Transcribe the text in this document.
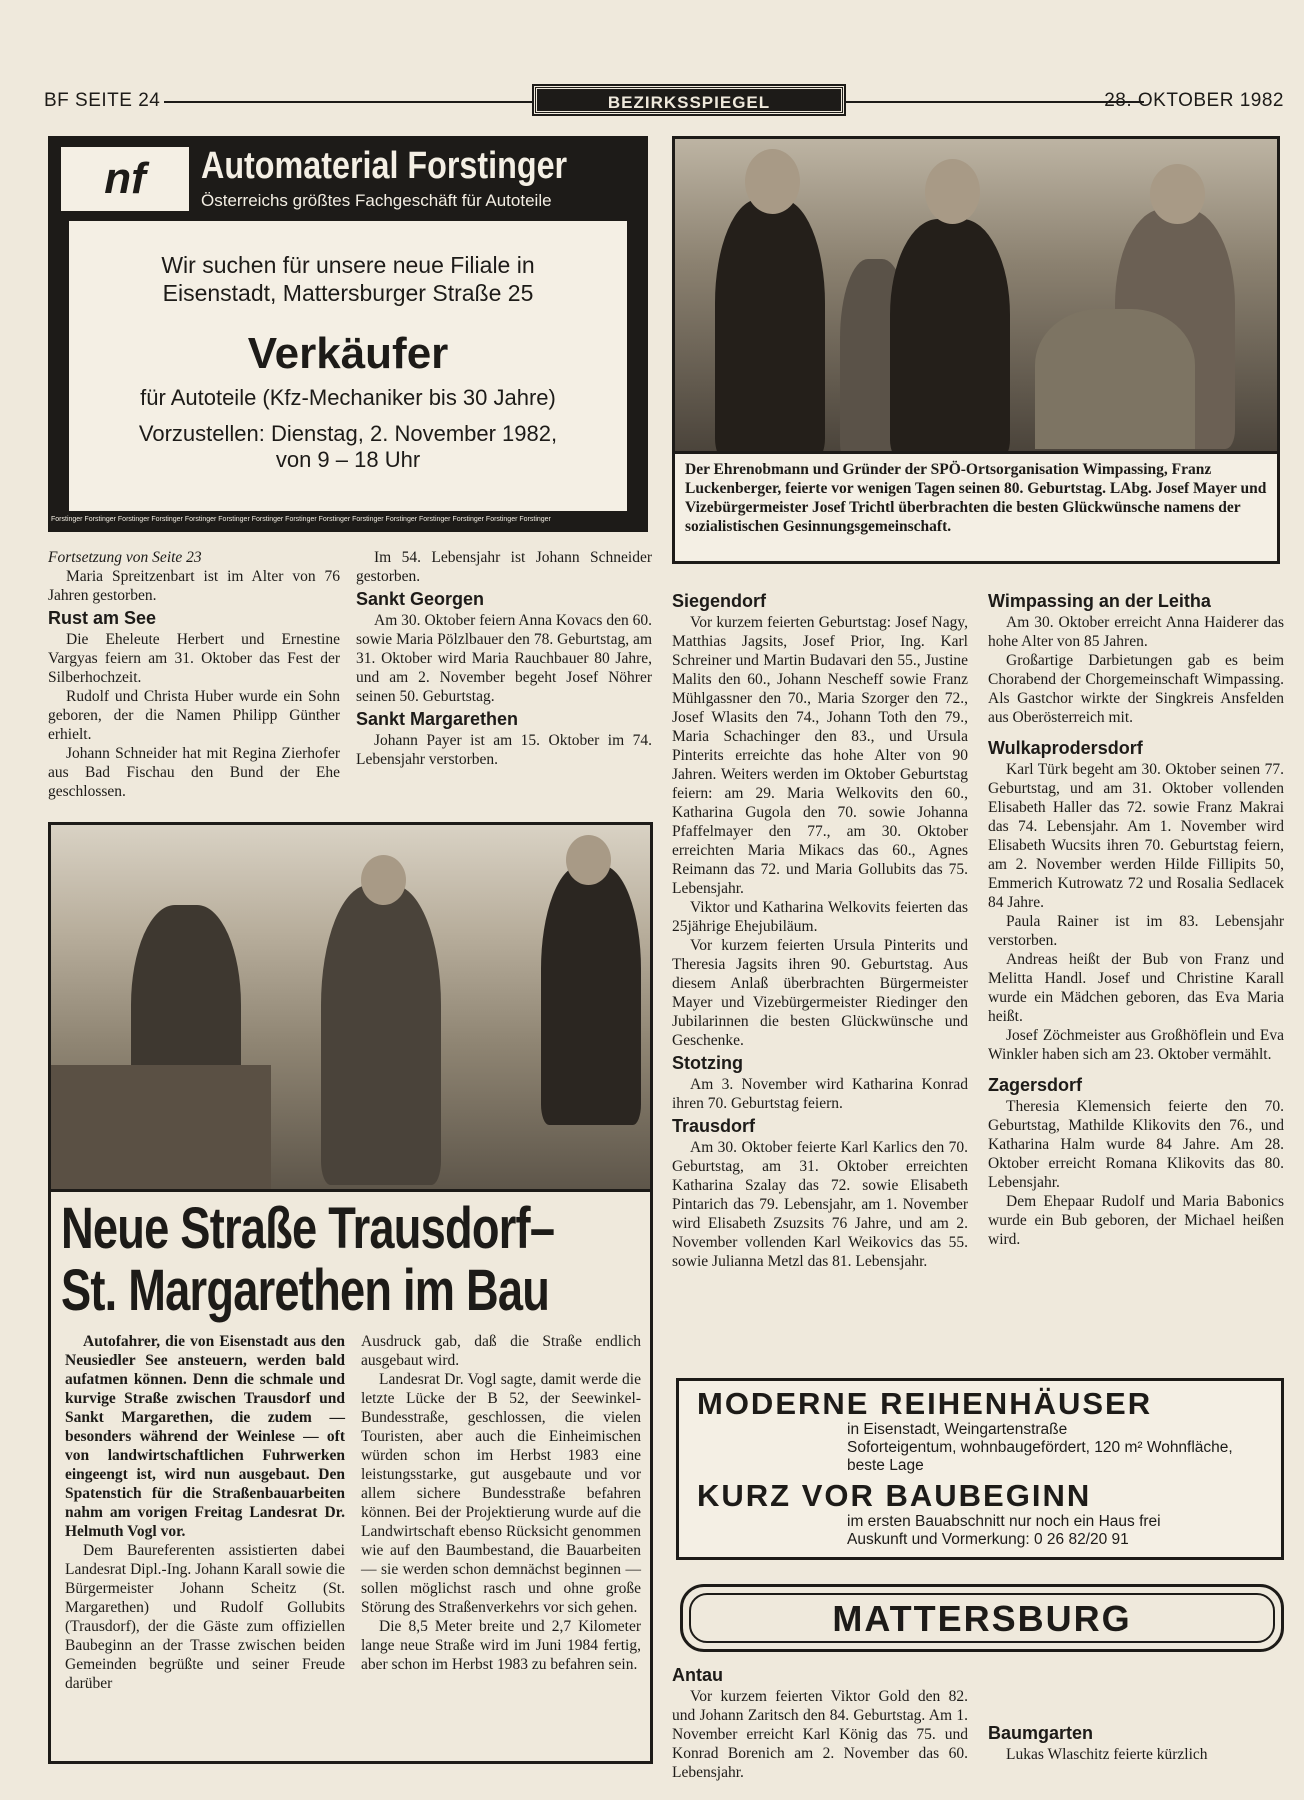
BF SEITE 24	BEZIRKSSPIEGEL	28. OKTOBER 1982
nf	Automaterial Forstinger
Österreichs größtes Fachgeschäft für Autoteile
Wir suchen für unsere neue Filiale in
Eisenstadt, Mattersburger Straße 25
Verkäufer
für Autoteile (Kfz-Mechaniker bis 30 Jahre)
Vorzustellen: Dienstag, 2. November 1982,
von 9 – 18 Uhr
Forstinger Forstinger Forstinger Forstinger Forstinger Forstinger Forstinger Forstinger Forstinger Forstinger Forstinger Forstinger Forstinger Forstinger Forstinger
Der Ehrenobmann und Gründer der SPÖ-Ortsorganisation Wimpassing, Franz Luckenberger, feierte vor wenigen Tagen seinen 80. Geburtstag. LAbg. Josef Mayer und Vizebürgermeister Josef Trichtl überbrachten die besten Glückwünsche namens der sozialistischen Gesinnungsgemeinschaft.

Fortsetzung von Seite 23

Maria Spreitzenbart ist im Alter von 76 Jahren gestorben.

Rust am See

Die Eheleute Herbert und Ernestine Vargyas feiern am 31. Oktober das Fest der Silberhochzeit.

Rudolf und Christa Huber wurde ein Sohn geboren, der die Namen Philipp Günther erhielt.

Johann Schneider hat mit Regina Zierhofer aus Bad Fischau den Bund der Ehe geschlossen.

Im 54. Lebensjahr ist Johann Schneider gestorben.

Sankt Georgen

Am 30. Oktober feiern Anna Kovacs den 60. sowie Maria Pölzlbauer den 78. Geburtstag, am 31. Oktober wird Maria Rauchbauer 80 Jahre, und am 2. November begeht Josef Nöhrer seinen 50. Geburtstag.

Sankt Margarethen

Johann Payer ist am 15. Oktober im 74. Lebensjahr verstorben.

Neue Straße Trausdorf–
St. Margarethen im Bau

Autofahrer, die von Eisenstadt aus den Neusiedler See ansteuern, werden bald aufatmen können. Denn die schmale und kurvige Straße zwischen Trausdorf und Sankt Margarethen, die zudem — besonders während der Weinlese — oft von landwirtschaftlichen Fuhrwerken eingeengt ist, wird nun ausgebaut. Den Spatenstich für die Straßenbauarbeiten nahm am vorigen Freitag Landesrat Dr. Helmuth Vogl vor.

Dem Baureferenten assistierten dabei Landesrat Dipl.-Ing. Johann Karall sowie die Bürgermeister Johann Scheitz (St. Margarethen) und Rudolf Gollubits (Trausdorf), der die Gäste zum offiziellen Baubeginn an der Trasse zwischen beiden Gemeinden begrüßte und seiner Freude darüber

Ausdruck gab, daß die Straße endlich ausgebaut wird.

Landesrat Dr. Vogl sagte, damit werde die letzte Lücke der B 52, der Seewinkel-Bundesstraße, geschlossen, die vielen Touristen, aber auch die Einheimischen würden schon im Herbst 1983 eine leistungsstarke, gut ausgebaute und vor allem sichere Bundesstraße befahren können. Bei der Projektierung wurde auf die Landwirtschaft ebenso Rücksicht genommen wie auf den Baumbestand, die Bauarbeiten — sie werden schon demnächst beginnen — sollen möglichst rasch und ohne große Störung des Straßenverkehrs vor sich gehen.

Die 8,5 Meter breite und 2,7 Kilometer lange neue Straße wird im Juni 1984 fertig, aber schon im Herbst 1983 zu befahren sein.

Siegendorf

Vor kurzem feierten Geburtstag: Josef Nagy, Matthias Jagsits, Josef Prior, Ing. Karl Schreiner und Martin Budavari den 55., Justine Malits den 60., Johann Nescheff sowie Franz Mühlgassner den 70., Maria Szorger den 72., Josef Wlasits den 74., Johann Toth den 79., Maria Schachinger den 83., und Ursula Pinterits erreichte das hohe Alter von 90 Jahren. Weiters werden im Oktober Geburtstag feiern: am 29. Maria Welkovits den 60., Katharina Gugola den 70. sowie Johanna Pfaffelmayer den 77., am 30. Oktober erreichten Maria Mikacs das 60., Agnes Reimann das 72. und Maria Gollubits das 75. Lebensjahr.

Viktor und Katharina Welkovits feierten das 25jährige Ehejubiläum.

Vor kurzem feierten Ursula Pinterits und Theresia Jagsits ihren 90. Geburtstag. Aus diesem Anlaß überbrachten Bürgermeister Mayer und Vizebürgermeister Riedinger den Jubilarinnen die besten Glückwünsche und Geschenke.

Stotzing

Am 3. November wird Katharina Konrad ihren 70. Geburtstag feiern.

Trausdorf

Am 30. Oktober feierte Karl Karlics den 70. Geburtstag, am 31. Oktober erreichten Katharina Szalay das 72. sowie Elisabeth Pintarich das 79. Lebensjahr, am 1. November wird Elisabeth Zsuzsits 76 Jahre, und am 2. November vollenden Karl Weikovics das 55. sowie Julianna Metzl das 81. Lebensjahr.

Wimpassing an der Leitha

Am 30. Oktober erreicht Anna Haiderer das hohe Alter von 85 Jahren.

Großartige Darbietungen gab es beim Chorabend der Chorgemeinschaft Wimpassing. Als Gastchor wirkte der Singkreis Ansfelden aus Oberösterreich mit.

Wulkaprodersdorf

Karl Türk begeht am 30. Oktober seinen 77. Geburtstag, und am 31. Oktober vollenden Elisabeth Haller das 72. sowie Franz Makrai das 74. Lebensjahr. Am 1. November wird Elisabeth Wucsits ihren 70. Geburtstag feiern, am 2. November werden Hilde Fillipits 50, Emmerich Kutrowatz 72 und Rosalia Sedlacek 84 Jahre.

Paula Rainer ist im 83. Lebensjahr verstorben.

Andreas heißt der Bub von Franz und Melitta Handl. Josef und Christine Karall wurde ein Mädchen geboren, das Eva Maria heißt.

Josef Zöchmeister aus Großhöflein und Eva Winkler haben sich am 23. Oktober vermählt.

Zagersdorf

Theresia Klemensich feierte den 70. Geburtstag, Mathilde Klikovits den 76., und Katharina Halm wurde 84 Jahre. Am 28. Oktober erreicht Romana Klikovits das 80. Lebensjahr.

Dem Ehepaar Rudolf und Maria Babonics wurde ein Bub geboren, der Michael heißen wird.

MODERNE REIHENHÄUSER
in Eisenstadt, Weingartenstraße
Soforteigentum, wohnbaugefördert, 120 m² Wohnfläche, beste Lage
KURZ VOR BAUBEGINN
im ersten Bauabschnitt nur noch ein Haus frei
Auskunft und Vormerkung: 0 26 82/20 91
MATTERSBURG

Antau

Vor kurzem feierten Viktor Gold den 82. und Johann Zaritsch den 84. Geburtstag. Am 1. November erreicht Karl König das 75. und Konrad Borenich am 2. November das 60. Lebensjahr.

Baumgarten

Lukas Wlaschitz feierte kürzlich
